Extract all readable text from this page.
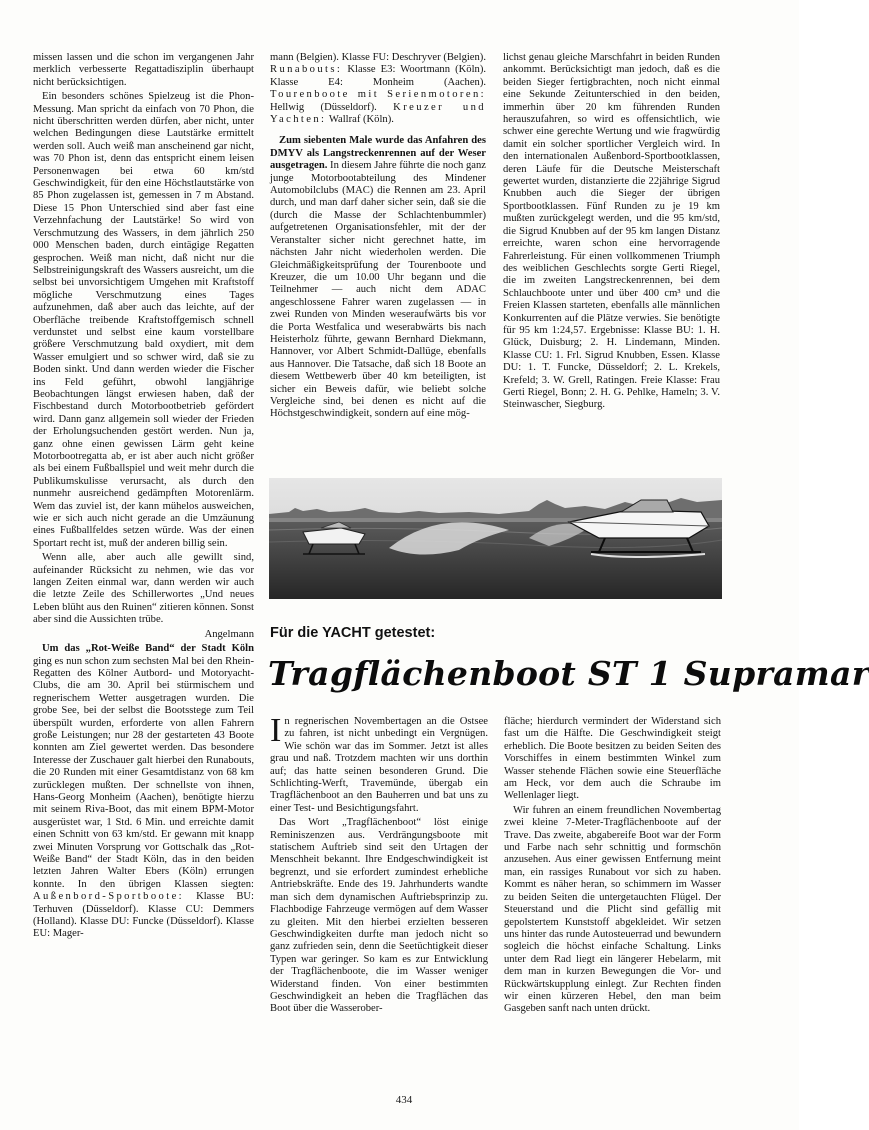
missen lassen und die schon im vergangenen Jahr merklich verbesserte Regattadisziplin überhaupt nicht berücksichtigen.

Ein besonders schönes Spielzeug ist die Phon-Messung. Man spricht da einfach von 70 Phon, die nicht überschritten werden dürfen, aber nicht, unter welchen Bedingungen diese Lautstärke ermittelt werden soll. Auch weiß man anscheinend gar nicht, was 70 Phon ist, denn das entspricht einem leisen Personenwagen bei etwa 60 km/std Geschwindigkeit, für den eine Höchstlautstärke von 85 Phon zugelassen ist, gemessen in 7 m Abstand. Diese 15 Phon Unterschied sind aber fast eine Verzehnfachung der Lautstärke! So wird von Verschmutzung des Wassers, in dem jährlich 250 000 Menschen baden, durch eintägige Regatten gesprochen. Weiß man nicht, daß nicht nur die Selbstreinigungskraft des Wassers ausreicht, um die selbst bei unvorsichtigem Umgehen mit Kraftstoff mögliche Verschmutzung eines Tages aufzunehmen, daß aber auch das leichte, auf der Oberfläche treibende Kraftstoffgemisch schnell verdunstet und selbst eine kaum vorstellbare größere Verschmutzung bald oxydiert, mit dem Wasser emulgiert und so schwer wird, daß sie zu Boden sinkt. Und dann werden wieder die Fischer ins Feld geführt, obwohl langjährige Beobachtungen längst erwiesen haben, daß der Fischbestand durch Motorbootbetrieb gefördert wird. Dann ganz allgemein soll wieder der Frieden der Erholungsuchenden gestört werden. Nun ja, ganz ohne einen gewissen Lärm geht keine Motorbootregatta ab, er ist aber auch nicht größer als bei einem Fußballspiel und weit mehr durch die Publikumskulisse verursacht, als durch den nunmehr ausreichend gedämpften Motorenlärm. Wem das zuviel ist, der kann mühelos ausweichen, wie er sich auch nicht gerade an die Umzäunung eines Fußballfeldes setzen würde. Was der einen Sportart recht ist, muß der anderen billig sein.

Wenn alle, aber auch alle gewillt sind, aufeinander Rücksicht zu nehmen, wie das vor langen Zeiten einmal war, dann werden wir auch die letzte Zeile des Schillerwortes „Und neues Leben blüht aus den Ruinen“ zitieren können. Sonst aber sind die Aussichten trübe.

Angelmann

Um das „Rot-Weiße Band“ der Stadt Köln ging es nun schon zum sechsten Mal bei den Rhein-Regatten des Kölner Autbord- und Motoryacht-Clubs, die am 30. April bei stürmischem und regnerischem Wetter ausgetragen wurden. Die grobe See, bei der selbst die Bootsstege zum Teil überspült wurden, erforderte von allen Fahrern große Leistungen; nur 28 der gestarteten 43 Boote konnten am Ziel gewertet werden. Das besondere Interesse der Zuschauer galt hierbei den Runabouts, die 20 Runden mit einer Gesamtdistanz von 68 km zurücklegen mußten. Der schnellste von ihnen, Hans-Georg Monheim (Aachen), benötigte hierzu mit seinem Riva-Boot, das mit einem BPM-Motor ausgerüstet war, 1 Std. 6 Min. und erreichte damit einen Schnitt von 63 km/std. Er gewann mit knapp zwei Minuten Vorsprung vor Gottschalk das „Rot-Weiße Band“ der Stadt Köln, das in den beiden letzten Jahren Walter Ebers (Köln) errungen konnte. In den übrigen Klassen siegten: Außenbord-Sportboote: Klasse BU: Terhuven (Düsseldorf). Klasse CU: Demmers (Holland). Klasse DU: Funcke (Düsseldorf). Klasse EU: Mager-

mann (Belgien). Klasse FU: Deschryver (Belgien). Runabouts: Klasse E3: Woortmann (Köln). Klasse E4: Monheim (Aachen). Tourenboote mit Serienmotoren: Hellwig (Düsseldorf). Kreuzer und Yachten: Wallraf (Köln).

Zum siebenten Male wurde das Anfahren des DMYV als Langstreckenrennen auf der Weser ausgetragen. In diesem Jahre führte die noch ganz junge Motorbootabteilung des Mindener Automobilclubs (MAC) die Rennen am 23. April durch, und man darf daher sicher sein, daß sie die (durch die Masse der Schlachtenbummler) aufgetretenen Organisationsfehler, mit der der Veranstalter sicher nicht gerechnet hatte, im nächsten Jahr nicht wiederholen werden. Die Gleichmäßigkeitsprüfung der Tourenboote und Kreuzer, die um 10.00 Uhr begann und die Teilnehmer — auch nicht dem ADAC angeschlossene Fahrer waren zugelassen — in zwei Runden von Minden weseraufwärts bis vor die Porta Westfalica und weserabwärts bis nach Heisterholz führte, gewann Bernhard Diekmann, Hannover, vor Albert Schmidt-Dallüge, ebenfalls aus Hannover. Die Tatsache, daß sich 18 Boote an diesem Wettbewerb über 40 km beteiligten, ist sicher ein Beweis dafür, wie beliebt solche Vergleiche sind, bei denen es nicht auf die Höchstgeschwindigkeit, sondern auf eine mög-

lichst genau gleiche Marschfahrt in beiden Runden ankommt. Berücksichtigt man jedoch, daß es die beiden Sieger fertigbrachten, noch nicht einmal eine Sekunde Zeitunterschied in den beiden, immerhin über 20 km führenden Runden herauszufahren, so wird es offensichtlich, wie schwer eine gerechte Wertung und wie fragwürdig damit ein solcher sportlicher Vergleich wird. In den internationalen Außenbord-Sportbootklassen, deren Läufe für die Deutsche Meisterschaft gewertet wurden, distanzierte die 22jährige Sigrud Knubben auch die Sieger der übrigen Sportbootklassen. Fünf Runden zu je 19 km mußten zurückgelegt werden, und die 95 km/std, die Sigrud Knubben auf der 95 km langen Distanz erreichte, waren schon eine hervorragende Fahrerleistung. Für einen vollkommenen Triumph des weiblichen Geschlechts sorgte Gerti Riegel, die im zweiten Langstreckenrennen, bei dem Schlauchboote unter und über 400 cm³ und die Freien Klassen starteten, ebenfalls alle männlichen Konkurrenten auf die Plätze verwies. Sie benötigte für 95 km 1:24,57. Ergebnisse: Klasse BU: 1. H. Glück, Duisburg; 2. H. Lindemann, Minden. Klasse CU: 1. Frl. Sigrud Knubben, Essen. Klasse DU: 1. T. Funcke, Düsseldorf; 2. L. Krekels, Krefeld; 3. W. Grell, Ratingen. Freie Klasse: Frau Gerti Riegel, Bonn; 2. H. G. Pehlke, Hameln; 3. V. Steinwascher, Siegburg.

Für die YACHT getestet:
Tragflächenboot ST 1 Supramar

In regnerischen Novembertagen an die Ostsee zu fahren, ist nicht unbedingt ein Vergnügen. Wie schön war das im Sommer. Jetzt ist alles grau und naß. Trotzdem machten wir uns dorthin auf; das hatte seinen besonderen Grund. Die Schlichting-Werft, Travemünde, übergab ein Tragflächenboot an den Bauherren und bat uns zu einer Test- und Besichtigungsfahrt.

Das Wort „Tragflächenboot“ löst einige Reminiszenzen aus. Verdrängungsboote mit statischem Auftrieb sind seit den Urtagen der Menschheit bekannt. Ihre Endgeschwindigkeit ist begrenzt, und sie erfordert zumindest erhebliche Antriebskräfte. Ende des 19. Jahrhunderts wandte man sich dem dynamischen Auftriebsprinzip zu. Flachbodige Fahrzeuge vermögen auf dem Wasser zu gleiten. Mit den hierbei erzielten besseren Geschwindigkeiten durfte man jedoch nicht so ganz zufrieden sein, denn die Seetüchtigkeit dieser Typen war geringer. So kam es zur Entwicklung der Tragflächenboote, die im Wasser weniger Widerstand finden. Von einer bestimmten Geschwindigkeit an heben die Tragflächen das Boot über die Wasserober-

fläche; hierdurch vermindert der Widerstand sich fast um die Hälfte. Die Geschwindigkeit steigt erheblich. Die Boote besitzen zu beiden Seiten des Vorschiffes in einem bestimmten Winkel zum Wasser stehende Flächen sowie eine Steuerfläche am Heck, vor dem auch die Schraube im Wellenlager liegt.

Wir fuhren an einem freundlichen Novembertag zwei kleine 7-Meter-Tragflächenboote auf der Trave. Das zweite, abgabereife Boot war der Form und Farbe nach sehr schnittig und formschön anzusehen. Aus einer gewissen Entfernung meint man, ein rassiges Runabout vor sich zu haben. Kommt es näher heran, so schimmern im Wasser zu beiden Seiten die untergetauchten Flügel. Der Steuerstand und die Plicht sind gefällig mit gepolstertem Kunststoff abgekleidet. Wir setzen uns hinter das runde Autosteuerrad und bewundern sogleich die höchst einfache Schaltung. Links unter dem Rad liegt ein längerer Hebelarm, mit dem man in kurzen Bewegungen die Vor- und Rückwärtskupplung einlegt. Zur Rechten finden wir einen kürzeren Hebel, den man beim Gasgeben sanft nach unten drückt.

434
